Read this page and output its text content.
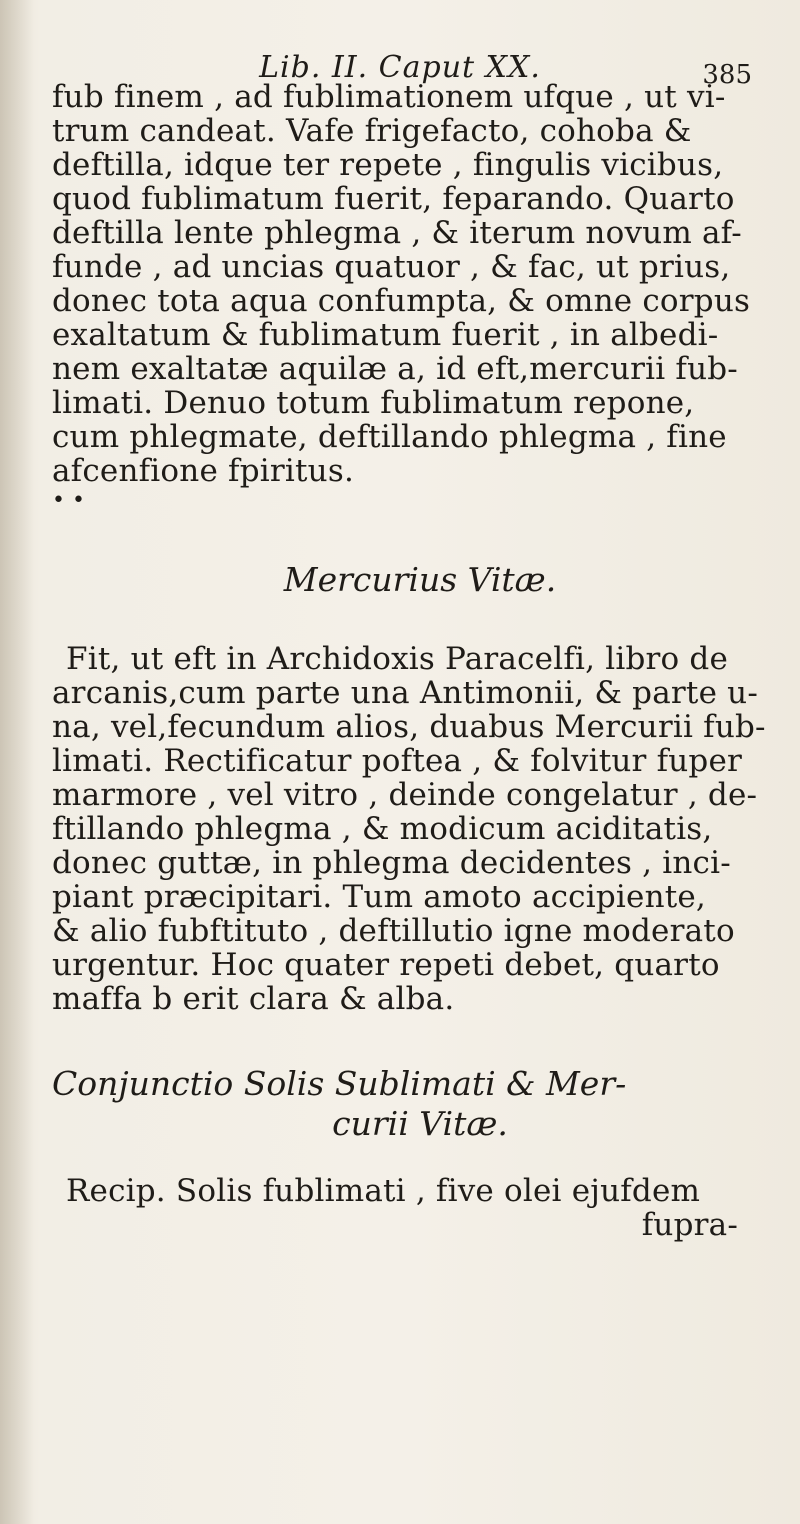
Lib. II. Caput XX.	385
fub finem , ad fublimationem ufque , ut vi-
trum candeat. Vafe frigefacto, cohoba &
deftilla, idque ter repete , fingulis vicibus,
quod fublimatum fuerit, feparando. Quarto
deftilla lente phlegma , & iterum novum af-
funde , ad uncias quatuor , & fac, ut prius,
donec tota aqua confumpta, & omne corpus
exaltatum & fublimatum fuerit , in albedi-
nem exaltatæ aquilæ a, id eft,mercurii fub-
limati. Denuo totum fublimatum repone,
cum phlegmate, deftillando phlegma , fine
afcenfione fpiritus.
• •
Mercurius Vitæ.
Fit, ut eft in Archidoxis Paracelfi, libro de
arcanis,cum parte una Antimonii, & parte u-
na, vel,fecundum alios, duabus Mercurii fub-
limati. Rectificatur poftea , & folvitur fuper
marmore , vel vitro , deinde congelatur , de-
ftillando phlegma , & modicum aciditatis,
donec guttæ, in phlegma decidentes , inci-
piant præcipitari. Tum amoto accipiente,
& alio fubftituto , deftillutio igne moderato
urgentur. Hoc quater repeti debet, quarto
maffa b erit clara & alba.
Conjunctio Solis Sublimati & Mer-
curii Vitæ.
Recip. Solis fublimati , five olei ejufdem
fupra-
